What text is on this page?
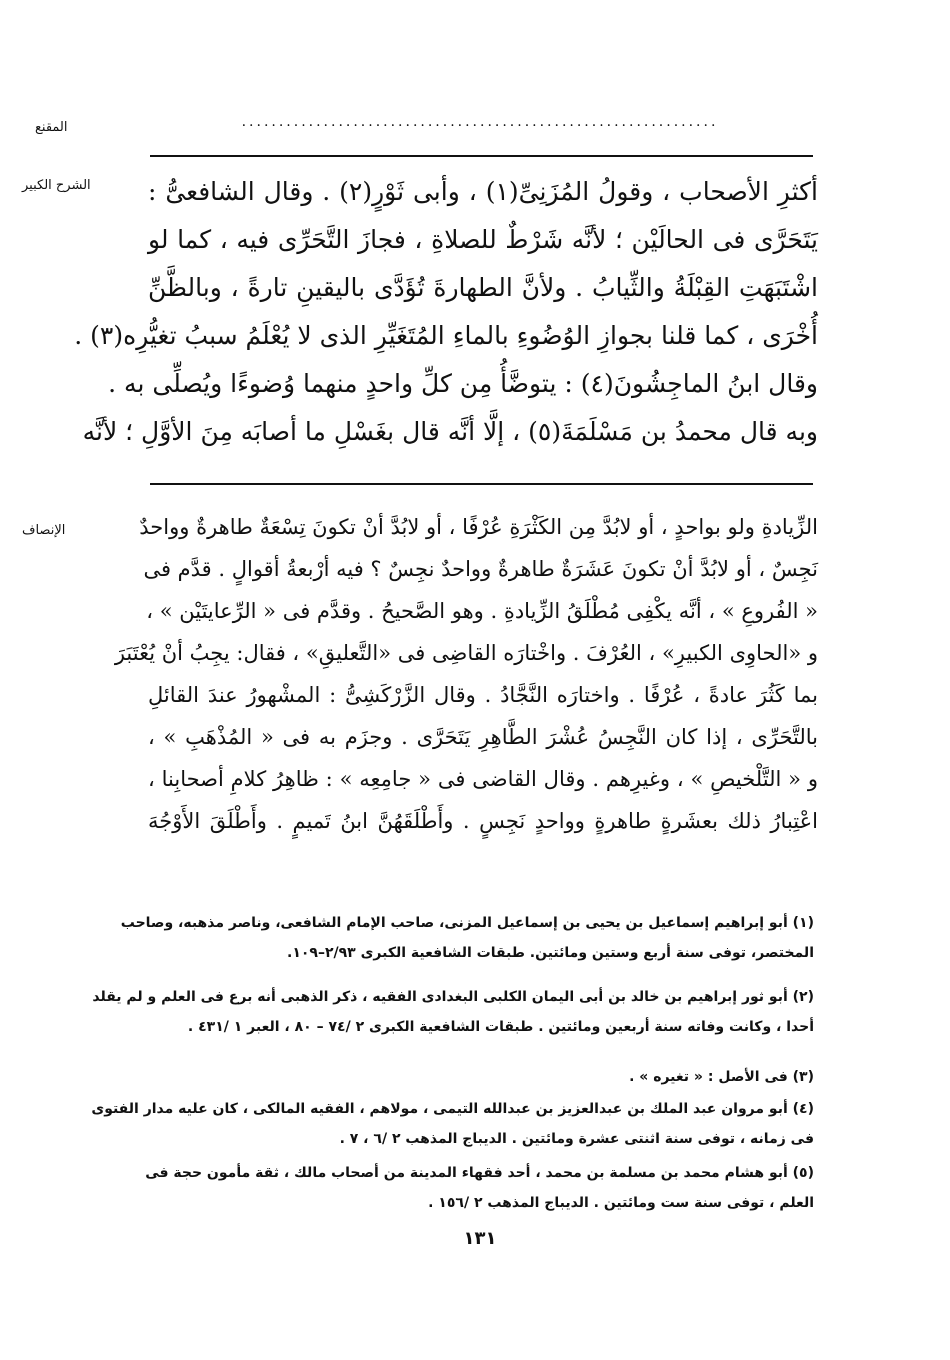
المقنع	................................................................
الشرح الكبير	أكثرِ الأصحاب ، وقولُ المُزَنِىِّ(١) ، وأبى ثَوْرٍ(٢) . وقال الشافعىُّ :
يَتَحَرَّى فى الحالَيْن ؛ لأنَّه شَرْطٌ للصلاةِ ، فجازَ التَّحَرِّى فيه ، كما لو
اشْتَبَهَتِ القِبْلَةُ والثِّيابُ . ولأنَّ الطهارةَ تُؤَدَّى باليقينِ تارةً ، وبالظَّنِّ
أُخْرَى ، كما قلنا بجوازِ الوُضُوءِ بالماءِ المُتَغَيِّرِ الذى لا يُعْلَمُ سببُ تغيُّرِه(٣) .
وقال ابنُ الماجِشُونَ(٤) : يتوضَّأُ مِن كلِّ واحدٍ منهما وُضوءًا ويُصلِّى به .
وبه قال محمدُ بن مَسْلَمَةَ(٥) ، إلَّا أنَّه قال بغَسْلِ ما أصابَه مِنَ الأوَّلِ ؛ لأنَّه
الإنصاف	الزِّيادةِ ولو بواحدٍ ، أو لابُدَّ مِن الكَثْرَةِ عُرْفًا ، أو لابُدَّ أنْ تكونَ تِسْعَةٌ طاهرةٌ وواحدٌ
نَجِسٌ ، أو لابُدَّ أنْ تكونَ عَشَرَةٌ طاهرةٌ وواحدٌ نجِسٌ ؟ فيه أرْبعةُ أقوالٍ . قدَّم فى
« الفُروعِ » ، أنَّه يكْفِى مُطْلَقُ الزِّيادةِ . وهو الصَّحيحُ . وقدَّم فى « الرِّعايتَيْن » ،
و «الحاوِى الكبيرِ» ، العُرْفَ . واخْتارَه القاضِى فى «التَّعليقِ» ، فقال: يجِبُ أنْ يُعْتَبَرَ
بما كَثُرَ عادةً ، عُرْفًا . واختارَه النَّجَّادُ . وقال الزَّرْكَشِىُّ : المشْهورُ عندَ القائلِ
بالتَّحَرِّى ، إذا كان النَّجِسُ عُشْرَ الطَّاهِرِ يَتَحَرَّى . وجزَم به فى « المُذْهَبِ » ،
و « التَّلْخيصِ » ، وغيرِهم . وقال القاضى فى « جامِعِه » : ظاهِرُ كلامِ أصحابِنا ،
اعْتِبارُ ذلك بعشَرةٍ طاهرةٍ وواحدٍ نَجِسٍ . وأَطْلَقَهُنَّ ابنُ تَميمٍ . وأَطْلَقَ الأَوْجُهَ
(١) أبو إبراهيم إسماعيل بن يحيى بن إسماعيل المزنى، صاحب الإمام الشافعى، وناصر مذهبه، وصاحب
المختصر، توفى سنة أربع وستين ومائتين. طبقات الشافعية الكبرى ٢/٩٣–١٠٩.
(٢) أبو ثور إبراهيم بن خالد بن أبى اليمان الكلبى البغدادى الفقيه ، ذكر الذهبى أنه برع فى العلم و لم يقلد
أحدا ، وكانت وفاته سنة أربعين ومائتين . طبقات الشافعية الكبرى ٢ /٧٤ – ٨٠ ، العبر ١ /٤٣١ .
(٣) فى الأصل : « تغيره » .
(٤) أبو مروان عبد الملك بن عبدالعزيز بن عبدالله التيمى ، مولاهم ، الفقيه المالكى ، كان عليه مدار الفتوى
فى زمانه ، توفى سنة اثنتى عشرة ومائتين . الديباج المذهب ٢ /٦ ، ٧ .
(٥) أبو هشام محمد بن مسلمة بن محمد ، أحد فقهاء المدينة من أصحاب مالك ، ثقة مأمون حجة فى
العلم ، توفى سنة ست ومائتين . الديباج المذهب ٢ /١٥٦ .
١٣١
